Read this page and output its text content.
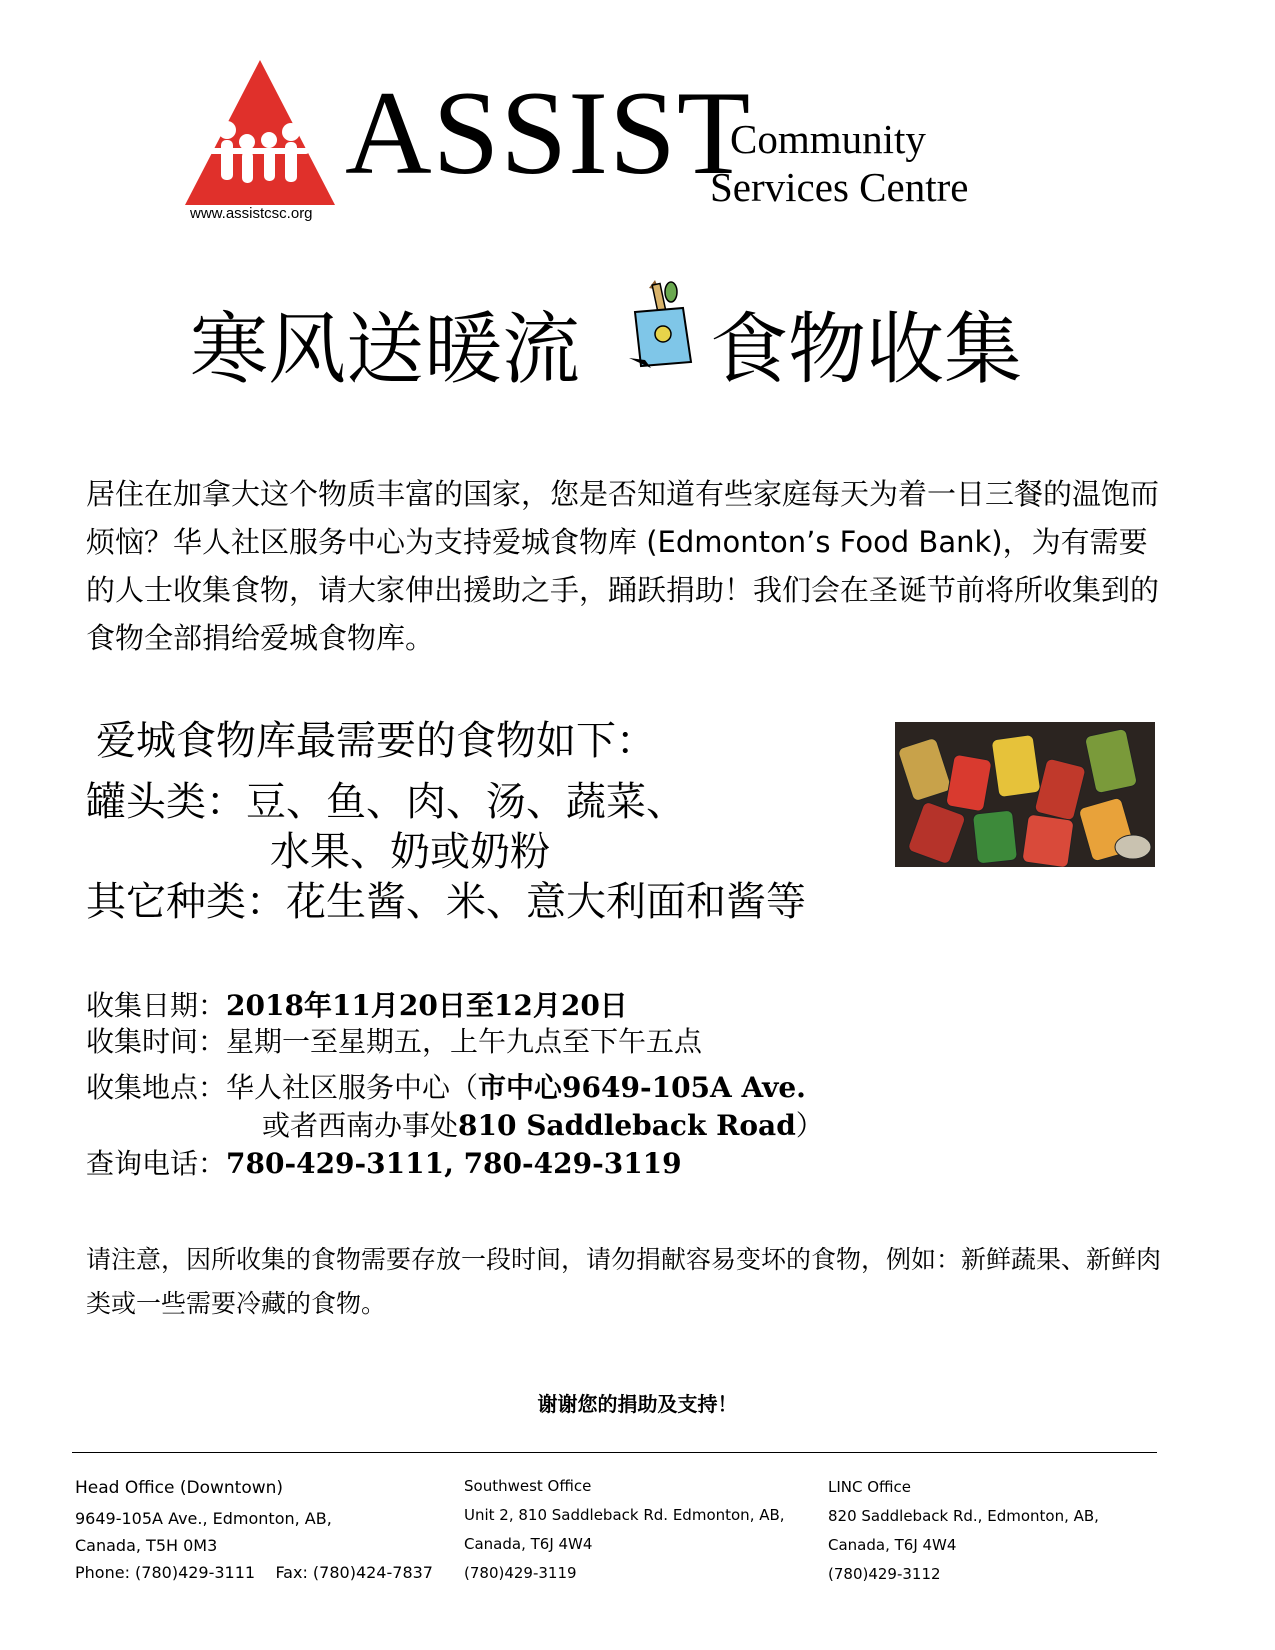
ASSIST
Community
Services Centre
www.assistcsc.org
寒风送暖流 食物收集
居住在加拿大这个物质丰富的国家，您是否知道有些家庭每天为着一日三餐的温饱而烦恼？华人社区服务中心为支持爱城食物库 (Edmonton’s Food Bank)，为有需要的人士收集食物，请大家伸出援助之手，踊跃捐助！我们会在圣诞节前将所收集到的食物全部捐给爱城食物库。
爱城食物库最需要的食物如下：
罐头类：豆、鱼、肉、汤、蔬菜、
水果、奶或奶粉
其它种类：花生酱、米、意大利面和酱等
收集日期：2018年11月20日至12月20日
收集时间：星期一至星期五，上午九点至下午五点
收集地点：华人社区服务中心（市中心9649-105A Ave.
或者西南办事处810 Saddleback Road）
查询电话：780-429-3111, 780-429-3119
请注意，因所收集的食物需要存放一段时间，请勿捐献容易变坏的食物，例如：新鲜蔬果、新鲜肉类或一些需要冷藏的食物。
谢谢您的捐助及支持！
Head Office (Downtown)
9649-105A Ave., Edmonton, AB,
Canada, T5H 0M3
Phone: (780)429-3111    Fax: (780)424-7837
Southwest Office
Unit 2, 810 Saddleback Rd. Edmonton, AB,
Canada, T6J 4W4
(780)429-3119
LINC Office
820 Saddleback Rd., Edmonton, AB,
Canada, T6J 4W4
(780)429-3112
